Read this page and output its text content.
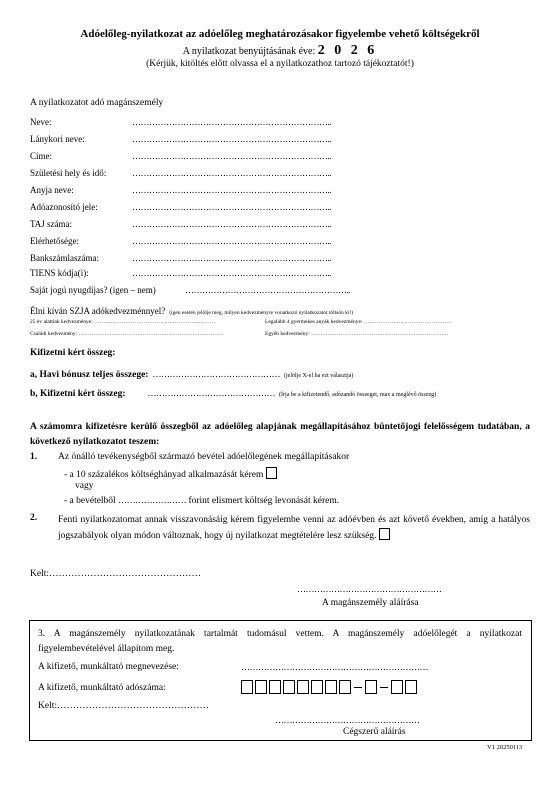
Adóelőleg-nyilatkozat az adóelőleg meghatározásakor figyelembe vehető költségekről
A nyilatkozat benyújtásának éve: 2 0 2 6
(Kérjük, kitöltés előtt olvassa el a nyilatkozathoz tartozó tájékoztatót!)
A nyilatkozatot adó magánszemély
Neve:	……………………………………………………………..
Lánykori neve:	……………………………………………………………..
Címe:	……………………………………………………………..
Születési hely és idő:	……………………………………………………………..
Anyja neve:	……………………………………………………………..
Adóazonosító jele:	……………………………………………………………..
TAJ száma:	……………………………………………………………..
Elérhetősége:	……………………………………………………………..
Bankszámlaszáma:	……………………………………………………………..
TIENS kódja(i):	……………………………………………………………..
Saját jogú nyugdíjas? (igen – nem)	…………………………………………………..
Élni kíván SZJA adókedvezménnyel? (igen esetén jelölje meg, milyen kedvezményre vonatkozó nyilatkozatot töltsön ki!)
25 év alattiak kedvezménye: …………………………………………………………	Legalább 4 gyermekes anyák kedvezménye: …………………………………………
Családi kedvezmény: …………………………………………………………………….	Egyéb kedvezmény: …………………………………………………………………
Kifizetni kért összeg:
a, Havi bónusz teljes összege: ……………………………………… (jelölje X-el ha ezt választja)
b, Kifizetni kért összeg: ……………………………………… (Írja be a kifizetendő, adózandó összeget, max a meglévő összeg)
A számomra kifizetésre kerülő összegből az adóelőleg alapjának megállapításához büntetőjogi felelősségem tudatában, a következő nyilatkozatot teszem:
1. Az önálló tevékenységből származó bevétel adóelőlegének megállapításakor
- a 10 százalékos költséghányad alkalmazását kérem
vagy
- a bevételből …………………… forint elismert költség levonását kérem.
2. Fenti nyilatkozatomat annak visszavonásáig kérem figyelembe venni az adóévben és azt követő években, amíg a hatályos jogszabályok olyan módon változnak, hogy új nyilatkozat megtételére lesz szükség.
Kelt:…………………………………………
……………………………………………
A magánszemély aláírása
3. A magánszemély nyilatkozatának tartalmát tudomásul vettem. A magánszemély adóelőlegét a nyilatkozat figyelembevételével állapítom meg.
A kifizető, munkáltató megnevezése:	…………………………………………………………
A kifizető, munkáltató adószáma:
Kelt:…………………………………………
……………………………………………
Cégszerű aláírás
V1 20250113
